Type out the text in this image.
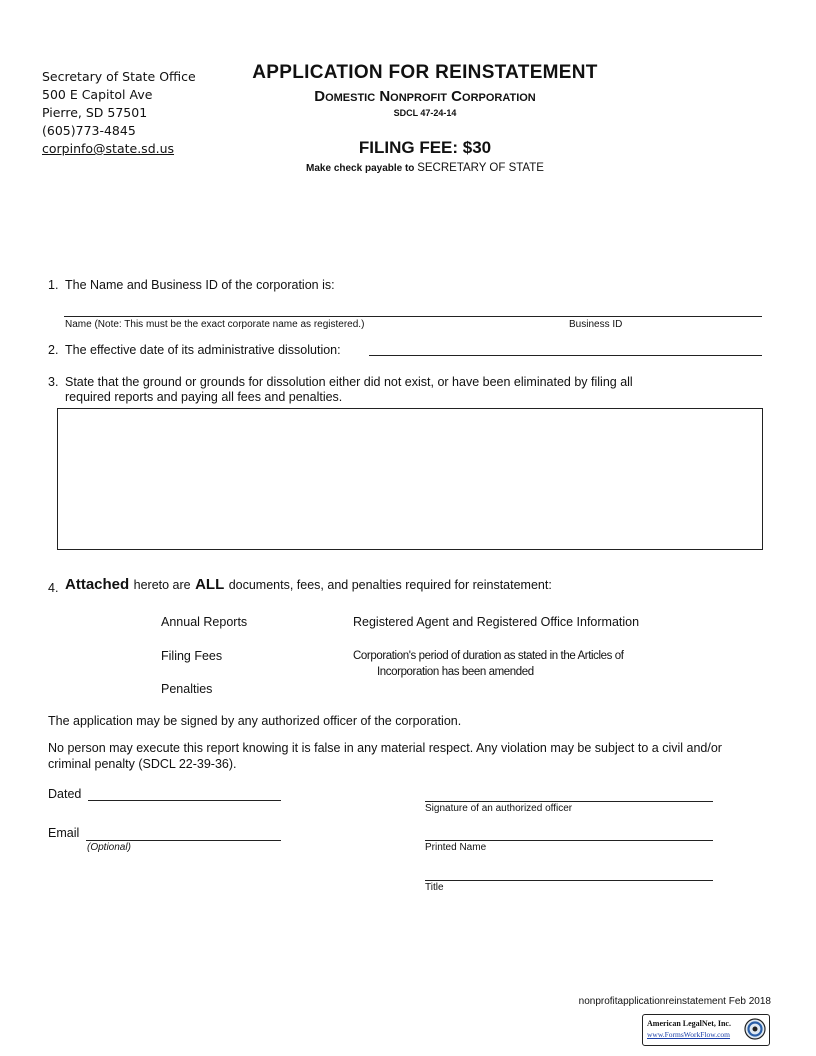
Secretary of State Office
500 E Capitol Ave
Pierre, SD 57501
(605)773-4845
corpinfo@state.sd.us
APPLICATION FOR REINSTATEMENT
Domestic Nonprofit Corporation
SDCL 47-24-14
FILING FEE: $30
Make check payable to SECRETARY OF STATE
1. The Name and Business ID of the corporation is:
Name (Note: This must be the exact corporate name as registered.)	Business ID
2. The effective date of its administrative dissolution:
3. State that the ground or grounds for dissolution either did not exist, or have been eliminated by filing all
required reports and paying all fees and penalties.
4. Attached hereto are ALL documents, fees, and penalties required for reinstatement:
Annual Reports	Registered Agent and Registered Office Information
Filing Fees	Corporation's period of duration as stated in the Articles of
Incorporation has been amended
Penalties
The application may be signed by any authorized officer of the corporation.
No person may execute this report knowing it is false in any material respect. Any violation may be subject to a civil and/or
criminal penalty (SDCL 22-39-36).
Dated
Signature of an authorized officer
Email
(Optional)	Printed Name
Title
nonprofitapplicationreinstatement Feb 2018
American LegalNet, Inc.
www.FormsWorkFlow.com
